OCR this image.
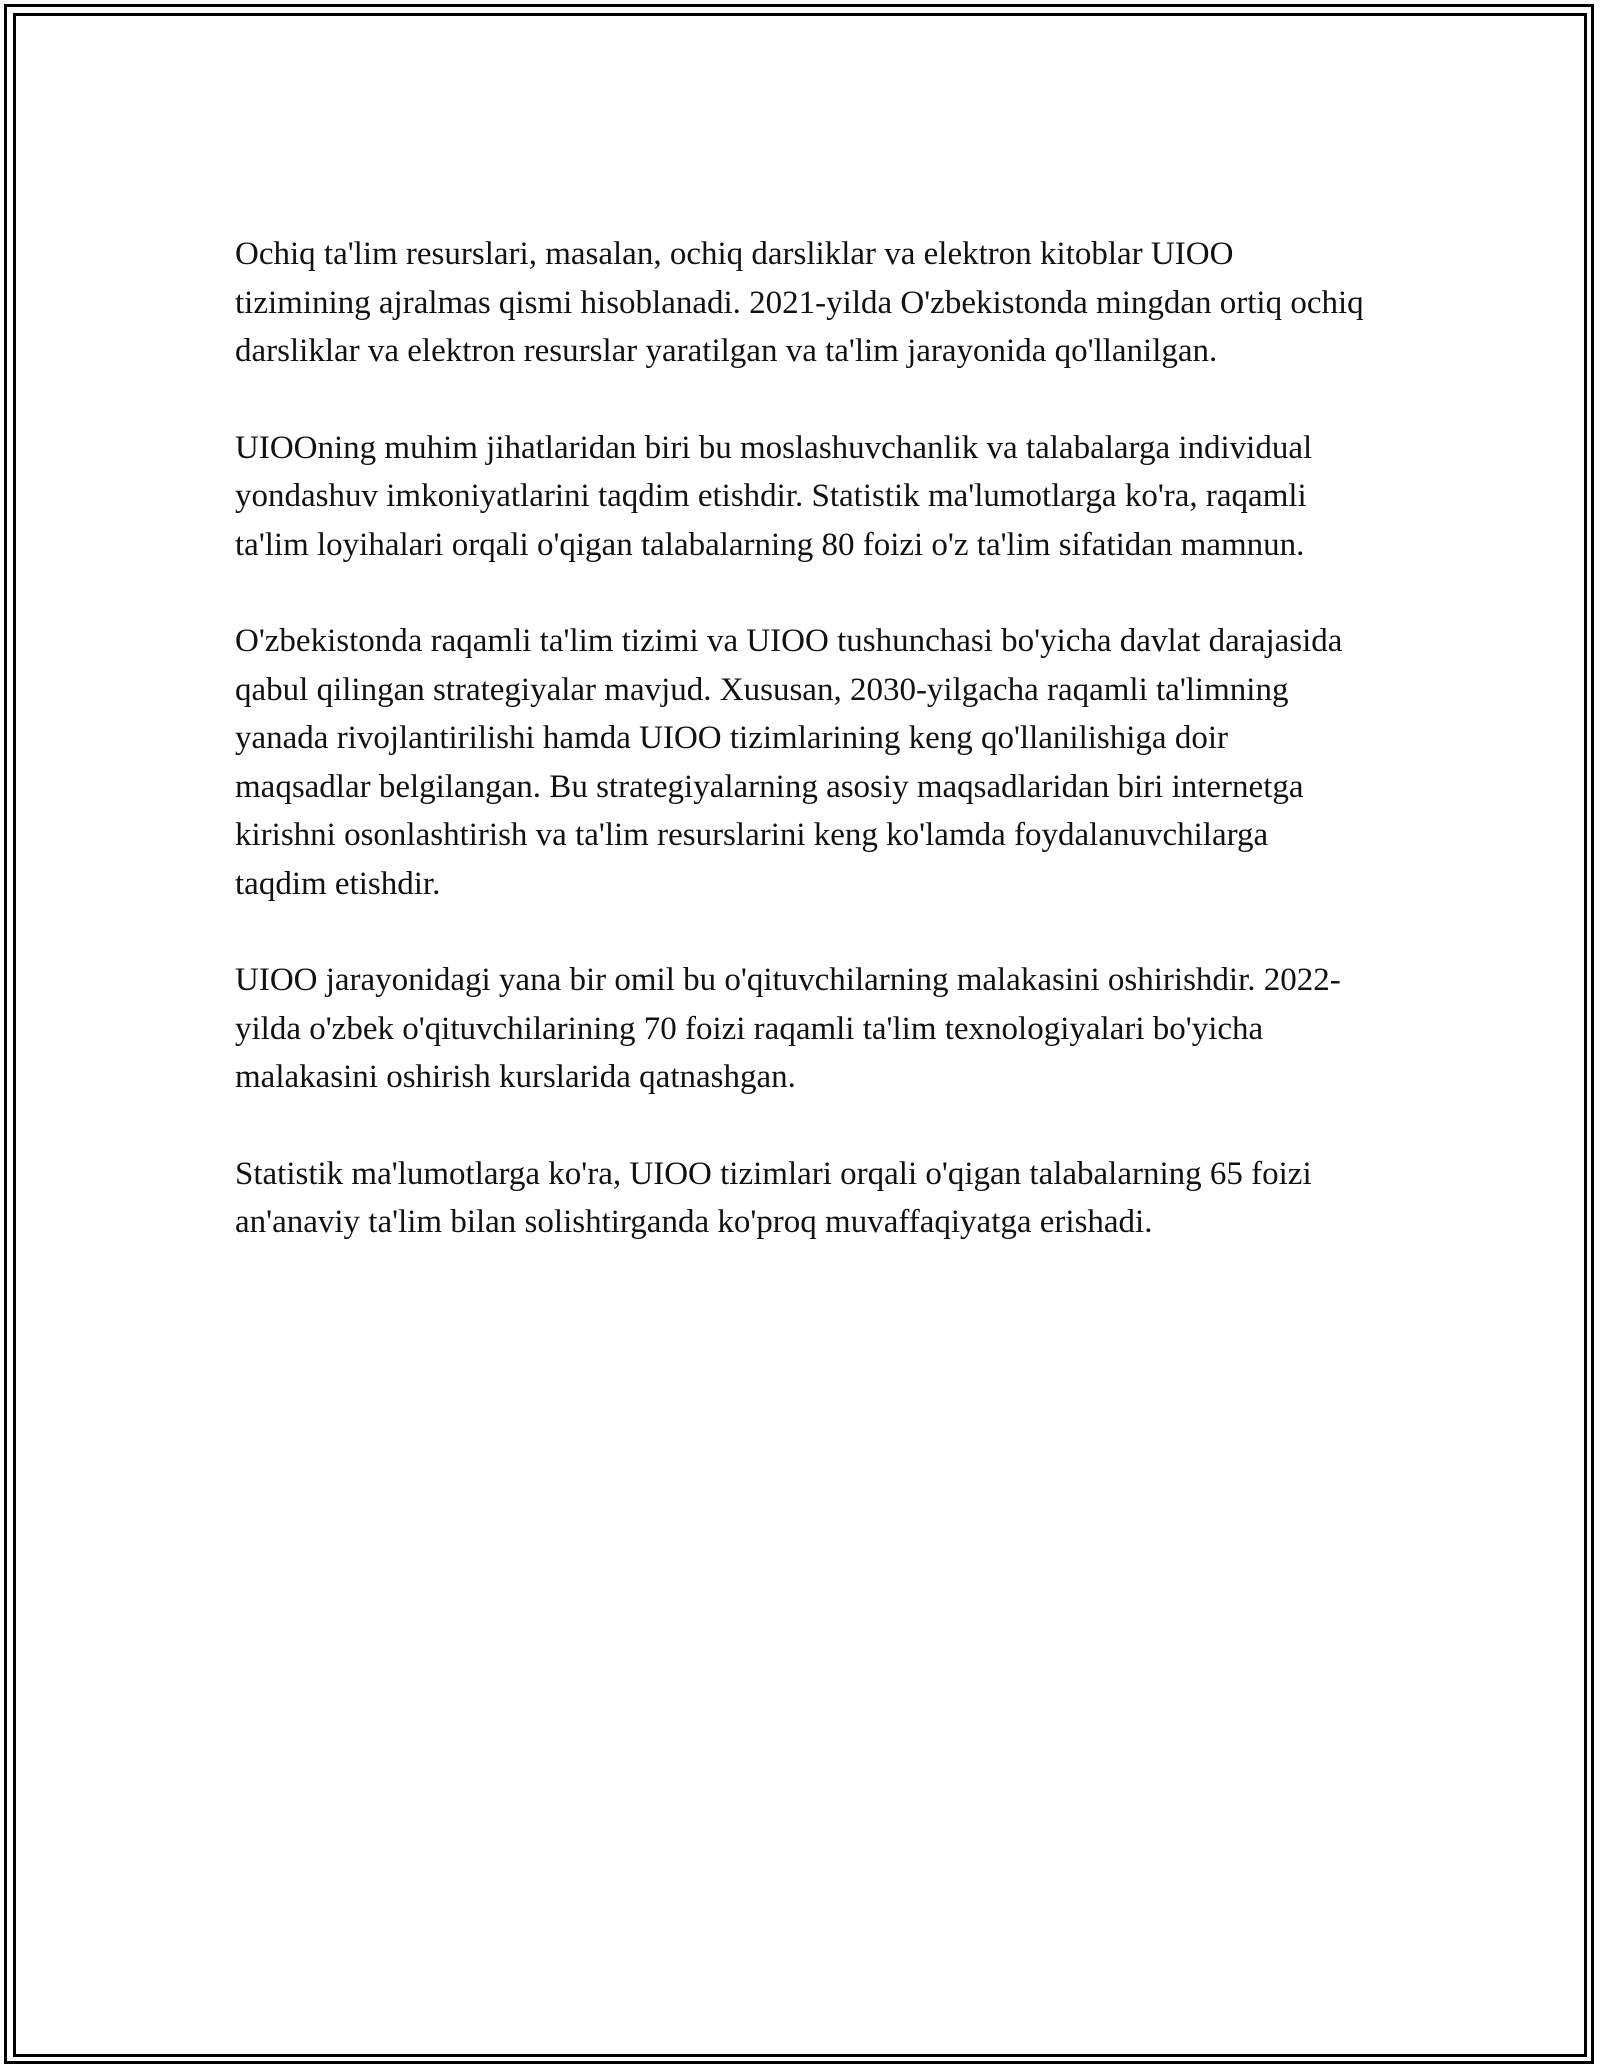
Ochiq ta'lim resurslari, masalan, ochiq darsliklar va elektron kitoblar UIOO tizimining ajralmas qismi hisoblanadi. 2021-yilda O'zbekistonda mingdan ortiq ochiq darsliklar va elektron resurslar yaratilgan va ta'lim jarayonida qo'llanilgan.

UIOOning muhim jihatlaridan biri bu moslashuvchanlik va talabalarga individual yondashuv imkoniyatlarini taqdim etishdir. Statistik ma'lumotlarga ko'ra, raqamli ta'lim loyihalari orqali o'qigan talabalarning 80 foizi o'z ta'lim sifatidan mamnun.

O'zbekistonda raqamli ta'lim tizimi va UIOO tushunchasi bo'yicha davlat darajasida qabul qilingan strategiyalar mavjud. Xususan, 2030-yilgacha raqamli ta'limning yanada rivojlantirilishi hamda UIOO tizimlarining keng qo'llanilishiga doir maqsadlar belgilangan. Bu strategiyalarning asosiy maqsadlaridan biri internetga kirishni osonlashtirish va ta'lim resurslarini keng ko'lamda foydalanuvchilarga taqdim etishdir.

UIOO jarayonidagi yana bir omil bu o'qituvchilarning malakasini oshirishdir. 2022-yilda o'zbek o'qituvchilarining 70 foizi raqamli ta'lim texnologiyalari bo'yicha malakasini oshirish kurslarida qatnashgan.

Statistik ma'lumotlarga ko'ra, UIOO tizimlari orqali o'qigan talabalarning 65 foizi an'anaviy ta'lim bilan solishtirganda ko'proq muvaffaqiyatga erishadi.
